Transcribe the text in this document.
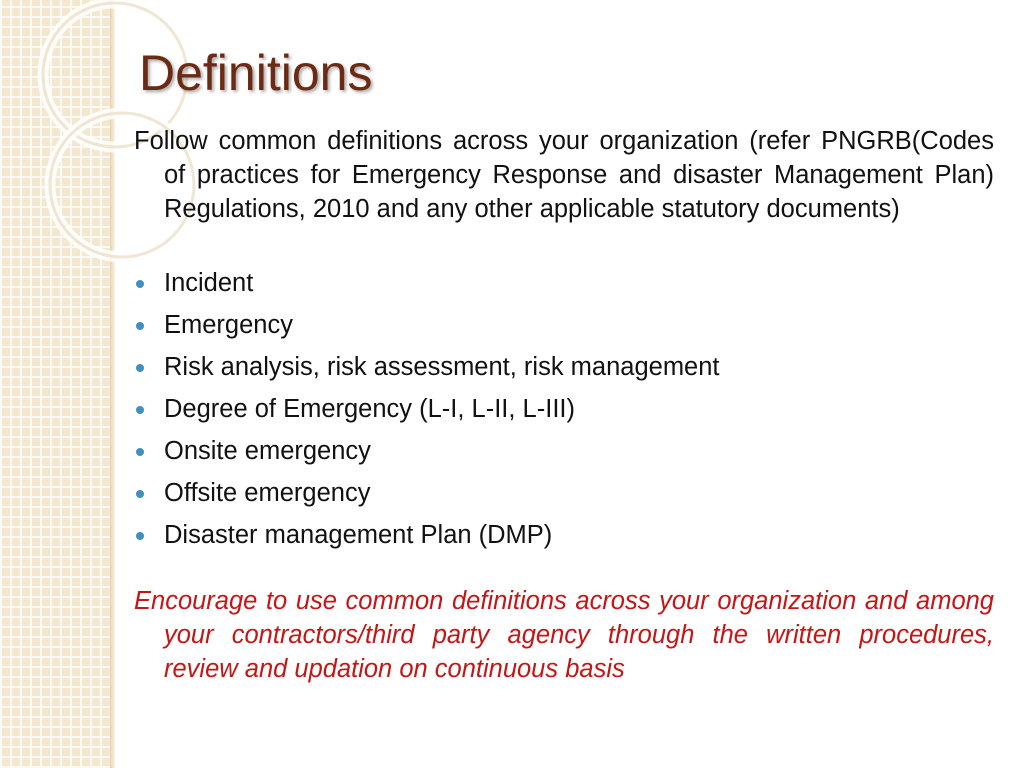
Definitions

Follow common definitions across your organization (refer PNGRB(Codes of practices for Emergency Response and disaster Management Plan) Regulations, 2010 and any other applicable statutory documents)

Incident
Emergency
Risk analysis, risk assessment, risk management
Degree of Emergency (L-I, L-II, L-III)
Onsite emergency
Offsite emergency
Disaster management Plan (DMP)

Encourage to use common definitions across your organization and among your contractors/third party agency through the written procedures, review and updation on continuous basis
